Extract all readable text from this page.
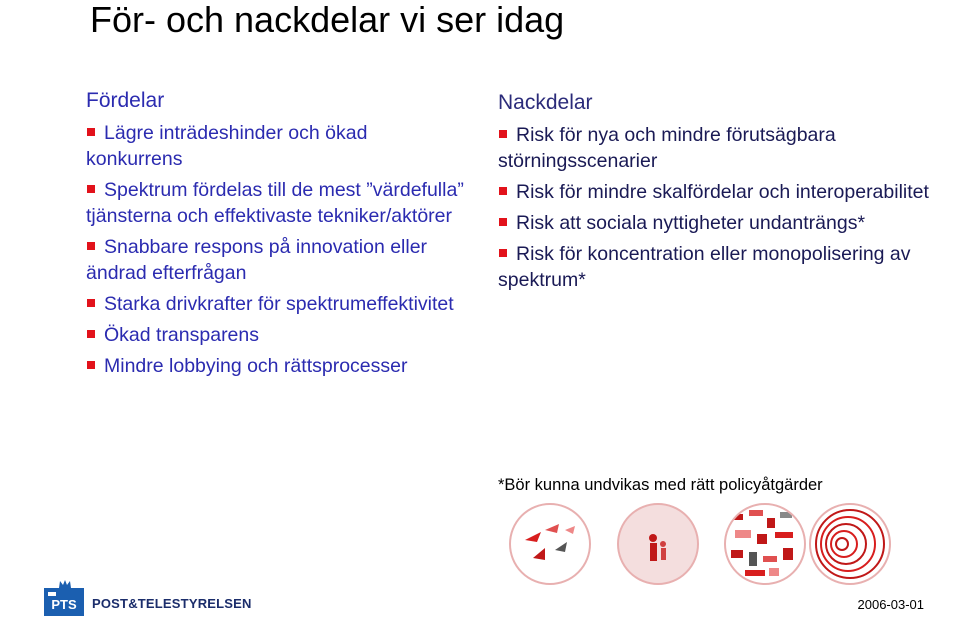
För- och nackdelar vi ser idag
Fördelar
Lägre inträdeshinder och ökad konkurrens
Spektrum fördelas till de mest ”värdefulla” tjänsterna och effektivaste tekniker/aktörer
Snabbare respons på innovation eller ändrad efterfrågan
Starka drivkrafter för spektrumeffektivitet
Ökad transparens
Mindre lobbying och rättsprocesser
Nackdelar
Risk för nya och mindre förutsägbara störningsscenarier
Risk för mindre skalfördelar och interoperabilitet
Risk att sociala nyttigheter undanträngs*
Risk för koncentration eller monopolisering av spektrum*
*Bör kunna undvikas med rätt policyåtgärder
PTS POST&TELESTYRELSEN	2006-03-01
